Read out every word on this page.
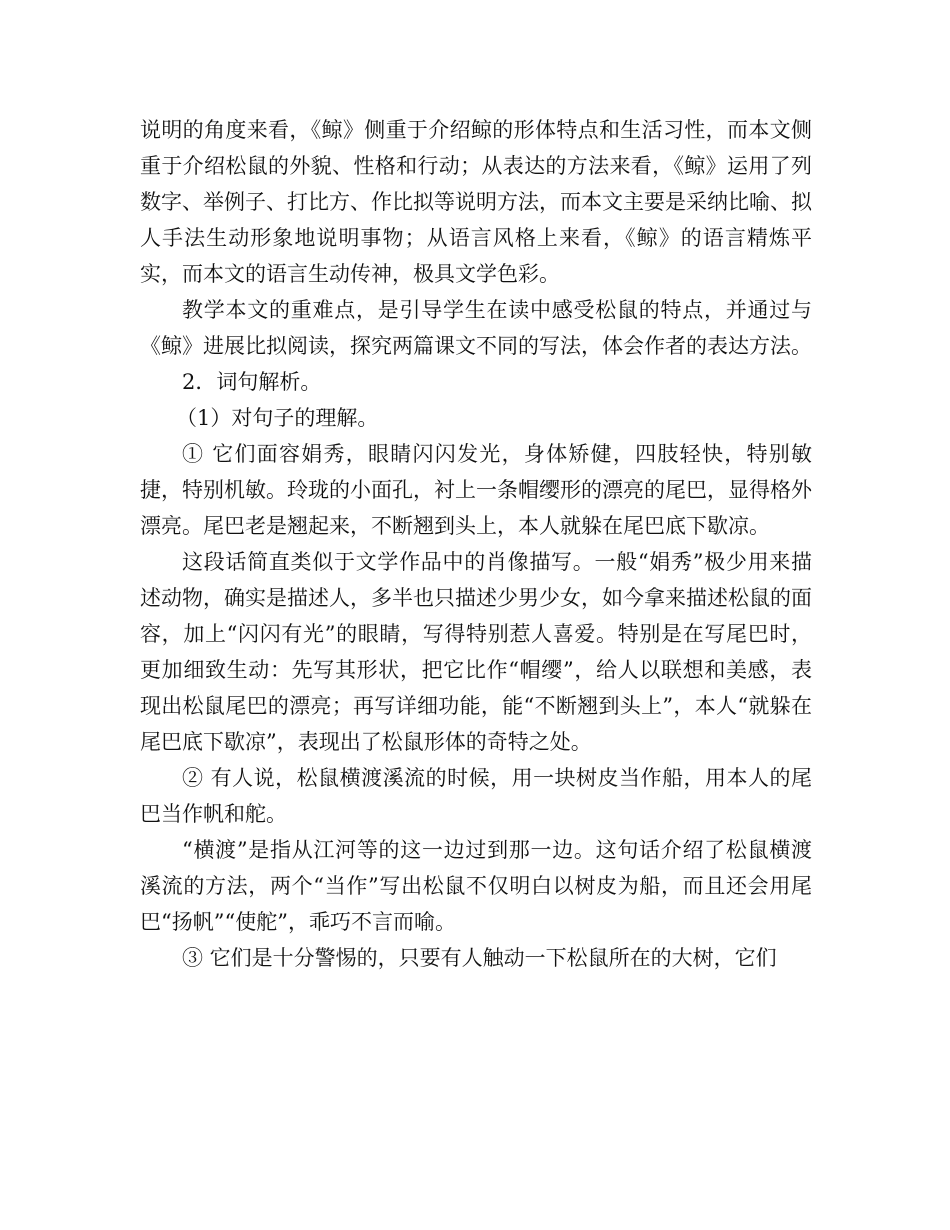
说明的角度来看，《鲸》侧重于介绍鲸的形体特点和生活习性，而本文侧重于介绍松鼠的外貌、性格和行动；从表达的方法来看，《鲸》运用了列数字、举例子、打比方、作比拟等说明方法，而本文主要是采纳比喻、拟人手法生动形象地说明事物；从语言风格上来看，《鲸》的语言精炼平实，而本文的语言生动传神，极具文学色彩。

教学本文的重难点，是引导学生在读中感受松鼠的特点，并通过与《鲸》进展比拟阅读，探究两篇课文不同的写法，体会作者的表达方法。

2．词句解析。

（1）对句子的理解。

① 它们面容娟秀，眼睛闪闪发光，身体矫健，四肢轻快，特别敏捷，特别机敏。玲珑的小面孔，衬上一条帽缨形的漂亮的尾巴，显得格外漂亮。尾巴老是翘起来，不断翘到头上，本人就躲在尾巴底下歇凉。

这段话简直类似于文学作品中的肖像描写。一般“娟秀”极少用来描述动物，确实是描述人，多半也只描述少男少女，如今拿来描述松鼠的面容，加上“闪闪有光”的眼睛，写得特别惹人喜爱。特别是在写尾巴时，更加细致生动：先写其形状，把它比作“帽缨”，给人以联想和美感，表现出松鼠尾巴的漂亮；再写详细功能，能“不断翘到头上”，本人“就躲在尾巴底下歇凉”，表现出了松鼠形体的奇特之处。

② 有人说，松鼠横渡溪流的时候，用一块树皮当作船，用本人的尾巴当作帆和舵。

“横渡”是指从江河等的这一边过到那一边。这句话介绍了松鼠横渡溪流的方法，两个“当作”写出松鼠不仅明白以树皮为船，而且还会用尾巴“扬帆”“使舵”，乖巧不言而喻。

③ 它们是十分警惕的，只要有人触动一下松鼠所在的大树，它们
